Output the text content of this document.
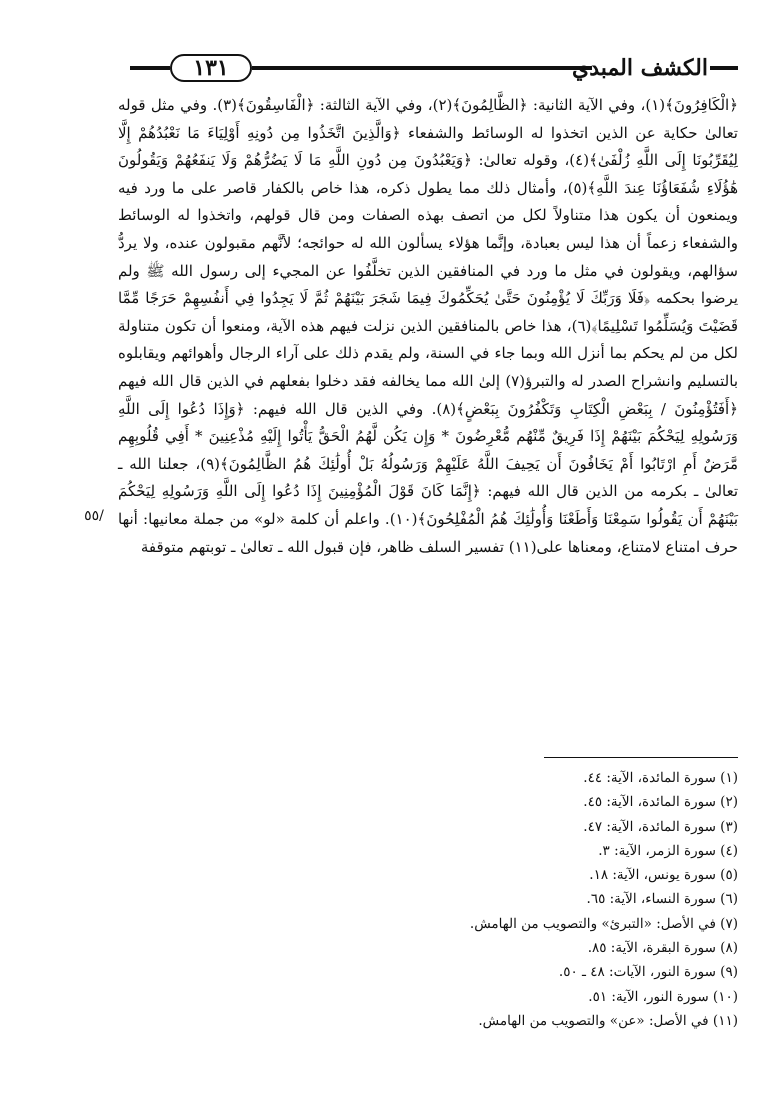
١٣١	الكشف المبدي

﴿الْكَافِرُونَ﴾(١)، وفي الآية الثانية: ﴿الظَّالِمُونَ﴾(٢)، وفي الآية الثالثة: ﴿الْفَاسِقُونَ﴾(٣). وفي مثل قوله تعالىٰ حكاية عن الذين اتخذوا له الوسائط والشفعاء ﴿وَالَّذِينَ اتَّخَذُوا مِن دُونِهِ أَوْلِيَاءَ مَا نَعْبُدُهُمْ إِلَّا لِيُقَرِّبُونَا إِلَى اللَّهِ زُلْفَىٰ﴾(٤)، وقوله تعالىٰ: ﴿وَيَعْبُدُونَ مِن دُونِ اللَّهِ مَا لَا يَضُرُّهُمْ وَلَا يَنفَعُهُمْ وَيَقُولُونَ هَٰؤُلَاءِ شُفَعَاؤُنَا عِندَ اللَّهِ﴾(٥)، وأمثال ذلك مما يطول ذكره، هذا خاص بالكفار قاصر على ما ورد فيه ويمنعون أن يكون هذا متناولاً لكل من اتصف بهذه الصفات ومن قال قولهم، واتخذوا له الوسائط والشفعاء زعماً أن هذا ليس بعبادة، وإنَّما هؤلاء يسألون الله له حوائجه؛ لأنَّهم مقبولون عنده، ولا يردُّ سؤالهم، ويقولون في مثل ما ورد في المنافقين الذين تخلَّفُوا عن المجيء إلى رسول الله ﷺ ولم يرضوا بحكمه ﴿فَلَا وَرَبِّكَ لَا يُؤْمِنُونَ حَتَّىٰ يُحَكِّمُوكَ فِيمَا شَجَرَ بَيْنَهُمْ ثُمَّ لَا يَجِدُوا فِي أَنفُسِهِمْ حَرَجًا مِّمَّا قَضَيْتَ وَيُسَلِّمُوا تَسْلِيمًا﴾(٦)، هذا خاص بالمنافقين الذين نزلت فيهم هذه الآية، ومنعوا أن تكون متناولة لكل من لم يحكم بما أنزل الله وبما جاء في السنة، ولم يقدم ذلك على آراء الرجال وأهوائهم ويقابلوه بالتسليم وانشراح الصدر له والتبرؤ(٧) إلىٰ الله مما يخالفه فقد دخلوا بفعلهم في الذين قال الله فيهم ﴿أَفَتُؤْمِنُونَ / بِبَعْضِ الْكِتَابِ وَتَكْفُرُونَ بِبَعْضٍ﴾(٨). وفي الذين قال الله فيهم: ﴿وَإِذَا دُعُوا إِلَى اللَّهِ وَرَسُولِهِ لِيَحْكُمَ بَيْنَهُمْ إِذَا فَرِيقٌ مِّنْهُم مُّعْرِضُونَ * وَإِن يَكُن لَّهُمُ الْحَقُّ يَأْتُوا إِلَيْهِ مُذْعِنِينَ * أَفِي قُلُوبِهِم مَّرَضٌ أَمِ ارْتَابُوا أَمْ يَخَافُونَ أَن يَحِيفَ اللَّهُ عَلَيْهِمْ وَرَسُولُهُ بَلْ أُولَٰئِكَ هُمُ الظَّالِمُونَ﴾(٩)، جعلنا الله ـ تعالىٰ ـ بكرمه من الذين قال الله فيهم: ﴿إِنَّمَا كَانَ قَوْلَ الْمُؤْمِنِينَ إِذَا دُعُوا إِلَى اللَّهِ وَرَسُولِهِ لِيَحْكُمَ بَيْنَهُمْ أَن يَقُولُوا سَمِعْنَا وَأَطَعْنَا وَأُولَٰئِكَ هُمُ الْمُفْلِحُونَ﴾(١٠). واعلم أن كلمة «لو» من جملة معانيها: أنها حرف امتناع لامتناع، ومعناها على(١١) تفسير السلف ظاهر، فإن قبول الله ـ تعالىٰ ـ توبتهم متوقفة

٥٥/
(١) سورة المائدة، الآية: ٤٤.
(٢) سورة المائدة، الآية: ٤٥.
(٣) سورة المائدة، الآية: ٤٧.
(٤) سورة الزمر، الآية: ٣.
(٥) سورة يونس، الآية: ١٨.
(٦) سورة النساء، الآية: ٦٥.
(٧) في الأصل: «التبرئ» والتصويب من الهامش.
(٨) سورة البقرة، الآية: ٨٥.
(٩) سورة النور، الآيات: ٤٨ ـ ٥٠.
(١٠) سورة النور، الآية: ٥١.
(١١) في الأصل: «عن» والتصويب من الهامش.
